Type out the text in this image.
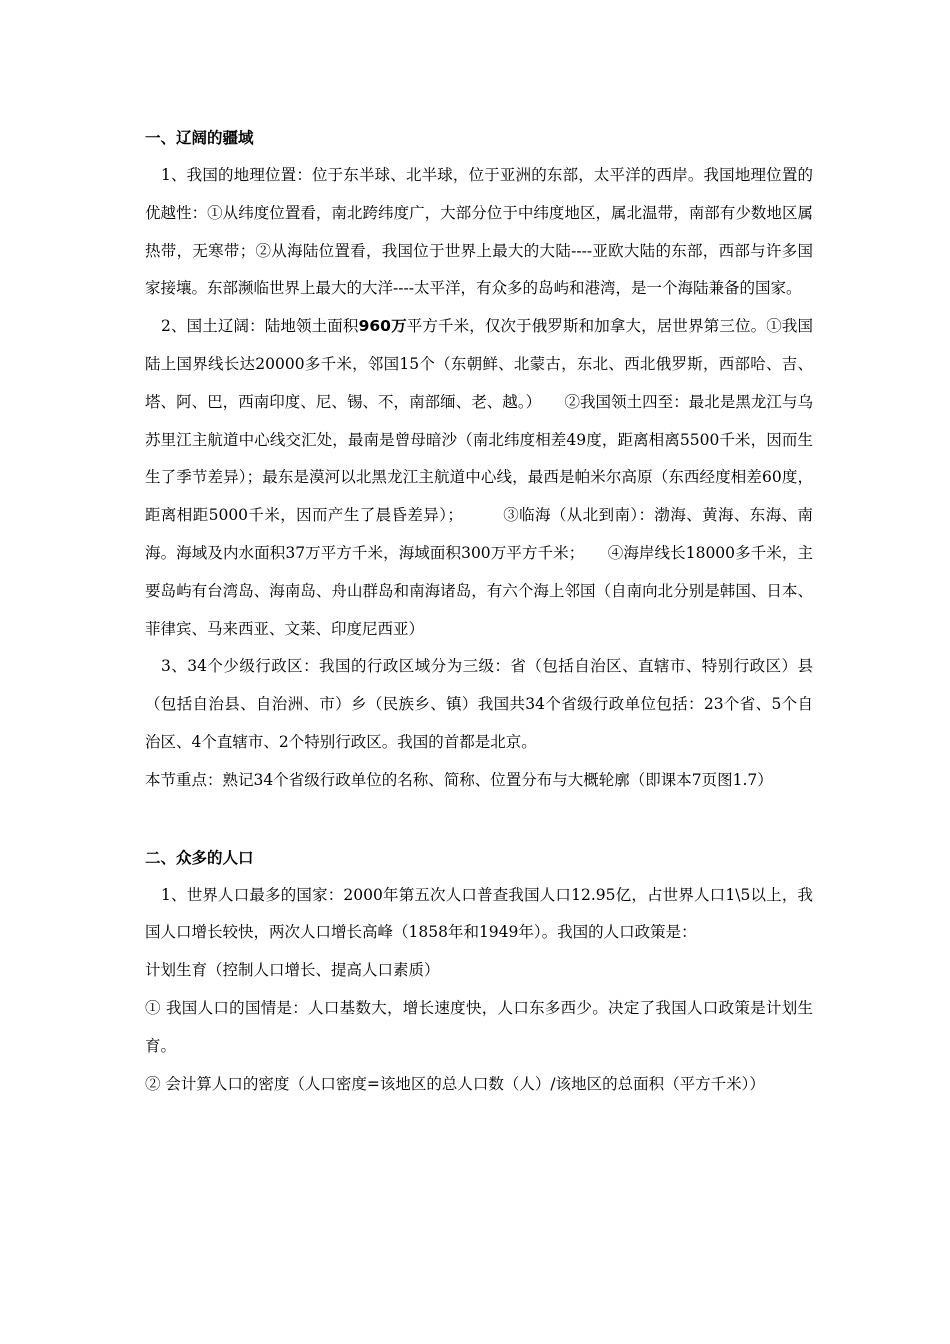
一、辽阔的疆域

1、我国的地理位置：位于东半球、北半球，位于亚洲的东部，太平洋的西岸。我国地理位置的优越性：①从纬度位置看，南北跨纬度广，大部分位于中纬度地区，属北温带，南部有少数地区属热带，无寒带；②从海陆位置看，我国位于世界上最大的大陆----亚欧大陆的东部，西部与许多国家接壤。东部濒临世界上最大的大洋----太平洋，有众多的岛屿和港湾，是一个海陆兼备的国家。

2、国土辽阔：陆地领土面积960万平方千米，仅次于俄罗斯和加拿大，居世界第三位。①我国陆上国界线长达20000多千米，邻国15个（东朝鲜、北蒙古，东北、西北俄罗斯，西部哈、吉、塔、阿、巴，西南印度、尼、锡、不，南部缅、老、越。）　　②我国领土四至：最北是黑龙江与乌苏里江主航道中心线交汇处，最南是曾母暗沙（南北纬度相差49度，距离相离5500千米，因而生生了季节差异）；最东是漠河以北黑龙江主航道中心线，最西是帕米尔高原（东西经度相差60度，距离相距5000千米，因而产生了晨昏差异）；　　　③临海（从北到南）：渤海、黄海、东海、南海。海域及内水面积37万平方千米，海域面积300万平方千米；　　④海岸线长18000多千米，主要岛屿有台湾岛、海南岛、舟山群岛和南海诸岛，有六个海上邻国（自南向北分别是韩国、日本、菲律宾、马来西亚、文莱、印度尼西亚）

3、34个少级行政区：我国的行政区域分为三级：省（包括自治区、直辖市、特别行政区）县（包括自治县、自治洲、市）乡（民族乡、镇）我国共34个省级行政单位包括：23个省、5个自治区、4个直辖市、2个特别行政区。我国的首都是北京。

本节重点：熟记34个省级行政单位的名称、简称、位置分布与大概轮廓（即课本7页图1.7）

二、众多的人口

1、世界人口最多的国家：2000年第五次人口普查我国人口12.95亿，占世界人口1\5以上，我国人口增长较快，两次人口增长高峰（1858年和1949年）。我国的人口政策是：

计划生育（控制人口增长、提高人口素质）

① 我国人口的国情是：人口基数大，增长速度快，人口东多西少。决定了我国人口政策是计划生育。

② 会计算人口的密度（人口密度=该地区的总人口数（人）/该地区的总面积（平方千米））
